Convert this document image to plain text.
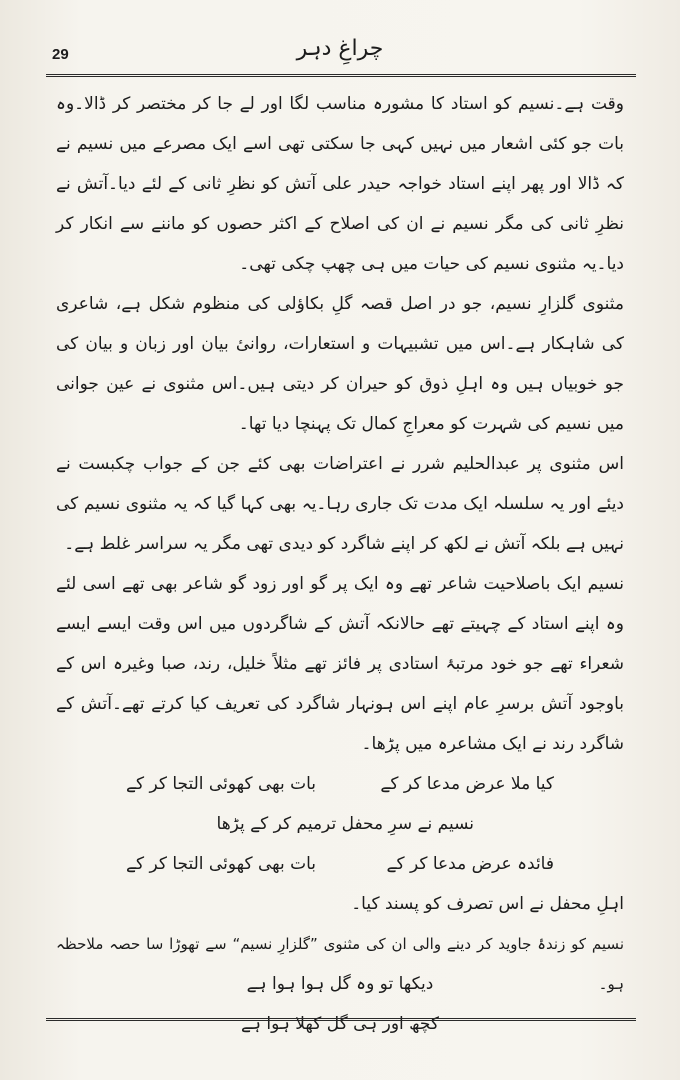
29	چراغِ دہر

وقت ہے۔نسیم کو استاد کا مشورہ مناسب لگا اور لے جا کر مختصر کر ڈالا۔وہ بات جو کئی اشعار میں نہیں کہی جا سکتی تھی اسے ایک مصرعے میں نسیم نے کہ ڈالا اور پھر اپنے استاد خواجہ حیدر علی آتش کو نظرِ ثانی کے لئے دیا۔آتش نے نظرِ ثانی کی مگر نسیم نے ان کی اصلاح کے اکثر حصوں کو ماننے سے انکار کر دیا۔یہ مثنوی نسیم کی حیات میں ہی چھپ چکی تھی۔

مثنوی گلزارِ نسیم، جو در اصل قصہ گلِ بکاؤلی کی منظوم شکل ہے، شاعری کی شاہکار ہے۔اس میں تشبیہات و استعارات، روانیٔ بیان اور زبان و بیان کی جو خوبیاں ہیں وہ اہلِ ذوق کو حیران کر دیتی ہیں۔اس مثنوی نے عین جوانی میں نسیم کی شہرت کو معراجِ کمال تک پہنچا دیا تھا۔

اس مثنوی پر عبدالحلیم شرر نے اعتراضات بھی کئے جن کے جواب چکبست نے دیئے اور یہ سلسلہ ایک مدت تک جاری رہا۔یہ بھی کہا گیا کہ یہ مثنوی نسیم کی نہیں ہے بلکہ آتش نے لکھ کر اپنے شاگرد کو دیدی تھی مگر یہ سراسر غلط ہے۔

نسیم ایک باصلاحیت شاعر تھے وہ ایک پر گو اور زود گو شاعر بھی تھے اسی لئے وہ اپنے استاد کے چہیتے تھے حالانکہ آتش کے شاگردوں میں اس وقت ایسے ایسے شعراء تھے جو خود مرتبۂ استادی پر فائز تھے مثلاً خلیل، رند، صبا وغیرہ اس کے باوجود آتش برسرِ عام اپنے اس ہونہار شاگرد کی تعریف کیا کرتے تھے۔آتش کے شاگرد رند نے ایک مشاعرہ میں پڑھا۔

کیا ملا عرض مدعا کر کے
بات بھی کھوئی التجا کر کے
نسیم نے سرِ محفل ترمیم کر کے پڑھا
فائدہ عرض مدعا کر کے
بات بھی کھوئی التجا کر کے
اہلِ محفل نے اس تصرف کو پسند کیا۔
نسیم کو زندۂ جاوید کر دینے والی ان کی مثنوی ”گلزارِ نسیم“ سے تھوڑا سا حصہ ملاحظہ ہو۔
دیکھا تو وہ گل ہوا ہوا ہے
کچھ اور ہی گل کھلا ہوا ہے
